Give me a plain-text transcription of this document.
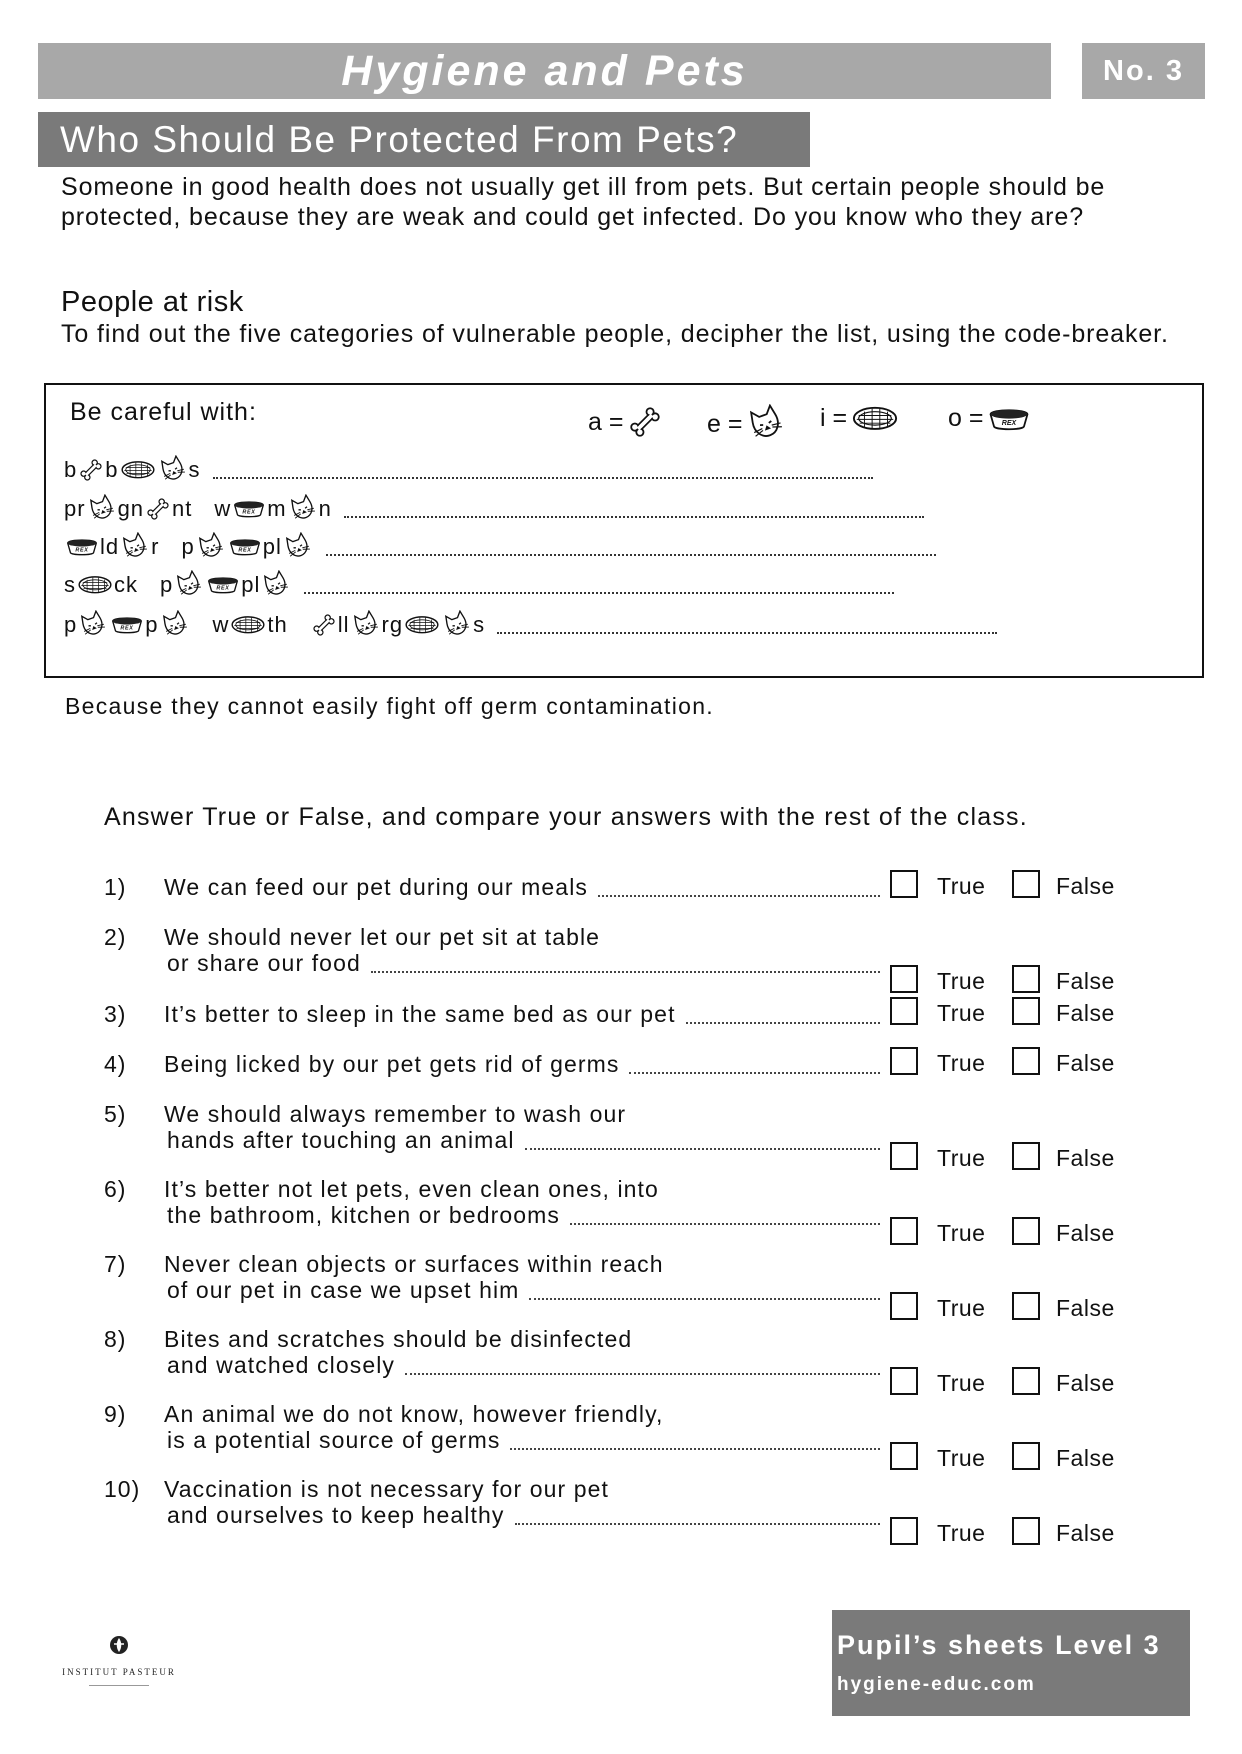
Hygiene and Pets	No. 3
Who Should Be Protected From Pets?
Someone in good health does not usually get ill from pets. But certain people should be protected, because they are weak and could get infected. Do you know who they are?
People at risk
To find out the five categories of vulnerable people, decipher the list, using the code-breaker.
Be careful with:	a =	e =	i =	o = REX
b b	s
pr gn nt w REX m n
REX ld r p	REX pl
s ck p	REX pl
p	REX p w th ll rg	s
Because they cannot easily fight off germ contamination.
Answer True or False, and compare your answers with the rest of the class.
1) We can feed our pet during our meals	True	False
2) We should never let our pet sit at table
or share our food
True	False
3) It’s better to sleep in the same bed as our pet	True	False
4) Being licked by our pet gets rid of germs	True	False
5) We should always remember to wash our
hands after touching an animal
True	False
6) It’s better not let pets, even clean ones, into
the bathroom, kitchen or bedrooms
True	False
7) Never clean objects or surfaces within reach
of our pet in case we upset him
True	False
8) Bites and scratches should be disinfected
and watched closely
True	False
9) An animal we do not know, however friendly,
is a potential source of germs
True	False
10) Vaccination is not necessary for our pet
and ourselves to keep healthy
True	False
INSTITUT PASTEUR
Pupil’s sheets Level 3
hygiene-educ.com
